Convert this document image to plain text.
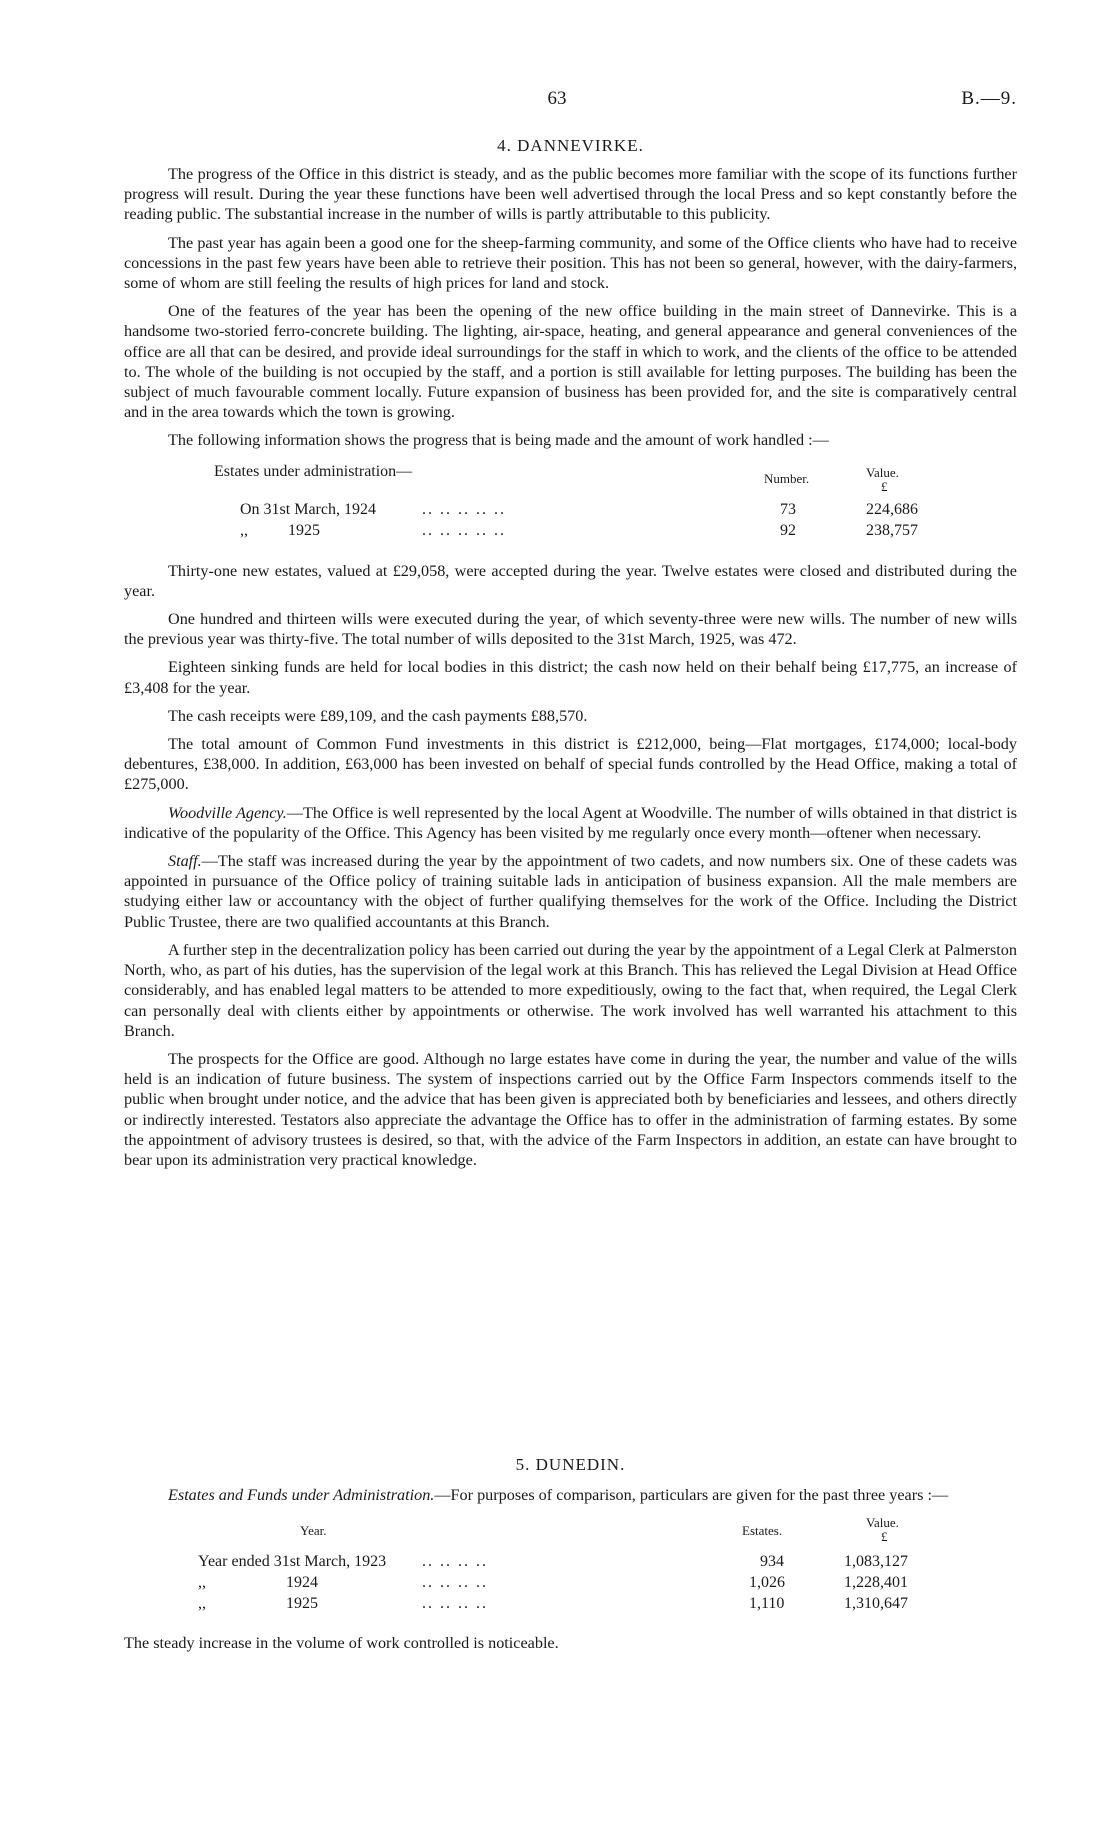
63	B.—9.
4. DANNEVIRKE.

The progress of the Office in this district is steady, and as the public becomes more familiar with the scope of its functions further progress will result. During the year these functions have been well advertised through the local Press and so kept constantly before the reading public. The substantial increase in the number of wills is partly attributable to this publicity.

The past year has again been a good one for the sheep-farming community, and some of the Office clients who have had to receive concessions in the past few years have been able to retrieve their position. This has not been so general, however, with the dairy-farmers, some of whom are still feeling the results of high prices for land and stock.

One of the features of the year has been the opening of the new office building in the main street of Dannevirke. This is a handsome two-storied ferro-concrete building. The lighting, air-space, heating, and general appearance and general conveniences of the office are all that can be desired, and provide ideal surroundings for the staff in which to work, and the clients of the office to be attended to. The whole of the building is not occupied by the staff, and a portion is still available for letting purposes. The building has been the subject of much favourable comment locally. Future expansion of business has been provided for, and the site is comparatively central and in the area towards which the town is growing.

The following information shows the progress that is being made and the amount of work handled :—

Estates under administration—	Number.	Value.
£
On 31st March, 1924	.. .. .. .. ..	73	224,686
,,          1925	.. .. .. .. ..	92	238,757

Thirty-one new estates, valued at £29,058, were accepted during the year. Twelve estates were closed and distributed during the year.

One hundred and thirteen wills were executed during the year, of which seventy-three were new wills. The number of new wills the previous year was thirty-five. The total number of wills deposited to the 31st March, 1925, was 472.

Eighteen sinking funds are held for local bodies in this district; the cash now held on their behalf being £17,775, an increase of £3,408 for the year.

The cash receipts were £89,109, and the cash payments £88,570.

The total amount of Common Fund investments in this district is £212,000, being—Flat mortgages, £174,000; local-body debentures, £38,000. In addition, £63,000 has been invested on behalf of special funds controlled by the Head Office, making a total of £275,000.

Woodville Agency.—The Office is well represented by the local Agent at Woodville. The number of wills obtained in that district is indicative of the popularity of the Office. This Agency has been visited by me regularly once every month—oftener when necessary.

Staff.—The staff was increased during the year by the appointment of two cadets, and now numbers six. One of these cadets was appointed in pursuance of the Office policy of training suitable lads in anticipation of business expansion. All the male members are studying either law or accountancy with the object of further qualifying themselves for the work of the Office. Including the District Public Trustee, there are two qualified accountants at this Branch.

A further step in the decentralization policy has been carried out during the year by the appointment of a Legal Clerk at Palmerston North, who, as part of his duties, has the supervision of the legal work at this Branch. This has relieved the Legal Division at Head Office considerably, and has enabled legal matters to be attended to more expeditiously, owing to the fact that, when required, the Legal Clerk can personally deal with clients either by appointments or otherwise. The work involved has well warranted his attachment to this Branch.

The prospects for the Office are good. Although no large estates have come in during the year, the number and value of the wills held is an indication of future business. The system of inspections carried out by the Office Farm Inspectors commends itself to the public when brought under notice, and the advice that has been given is appreciated both by beneficiaries and lessees, and others directly or indirectly interested. Testators also appreciate the advantage the Office has to offer in the administration of farming estates. By some the appointment of advisory trustees is desired, so that, with the advice of the Farm Inspectors in addition, an estate can have brought to bear upon its administration very practical knowledge.

5. DUNEDIN.

Estates and Funds under Administration.—For purposes of comparison, particulars are given for the past three years :—

Year.	Estates.
Value.
£
Year ended 31st March, 1923 .. .. .. ..	934	1,083,127
,,                    1924	.. .. .. ..	1,026	1,228,401
,,                    1925	.. .. .. ..	1,110	1,310,647

The steady increase in the volume of work controlled is noticeable.
